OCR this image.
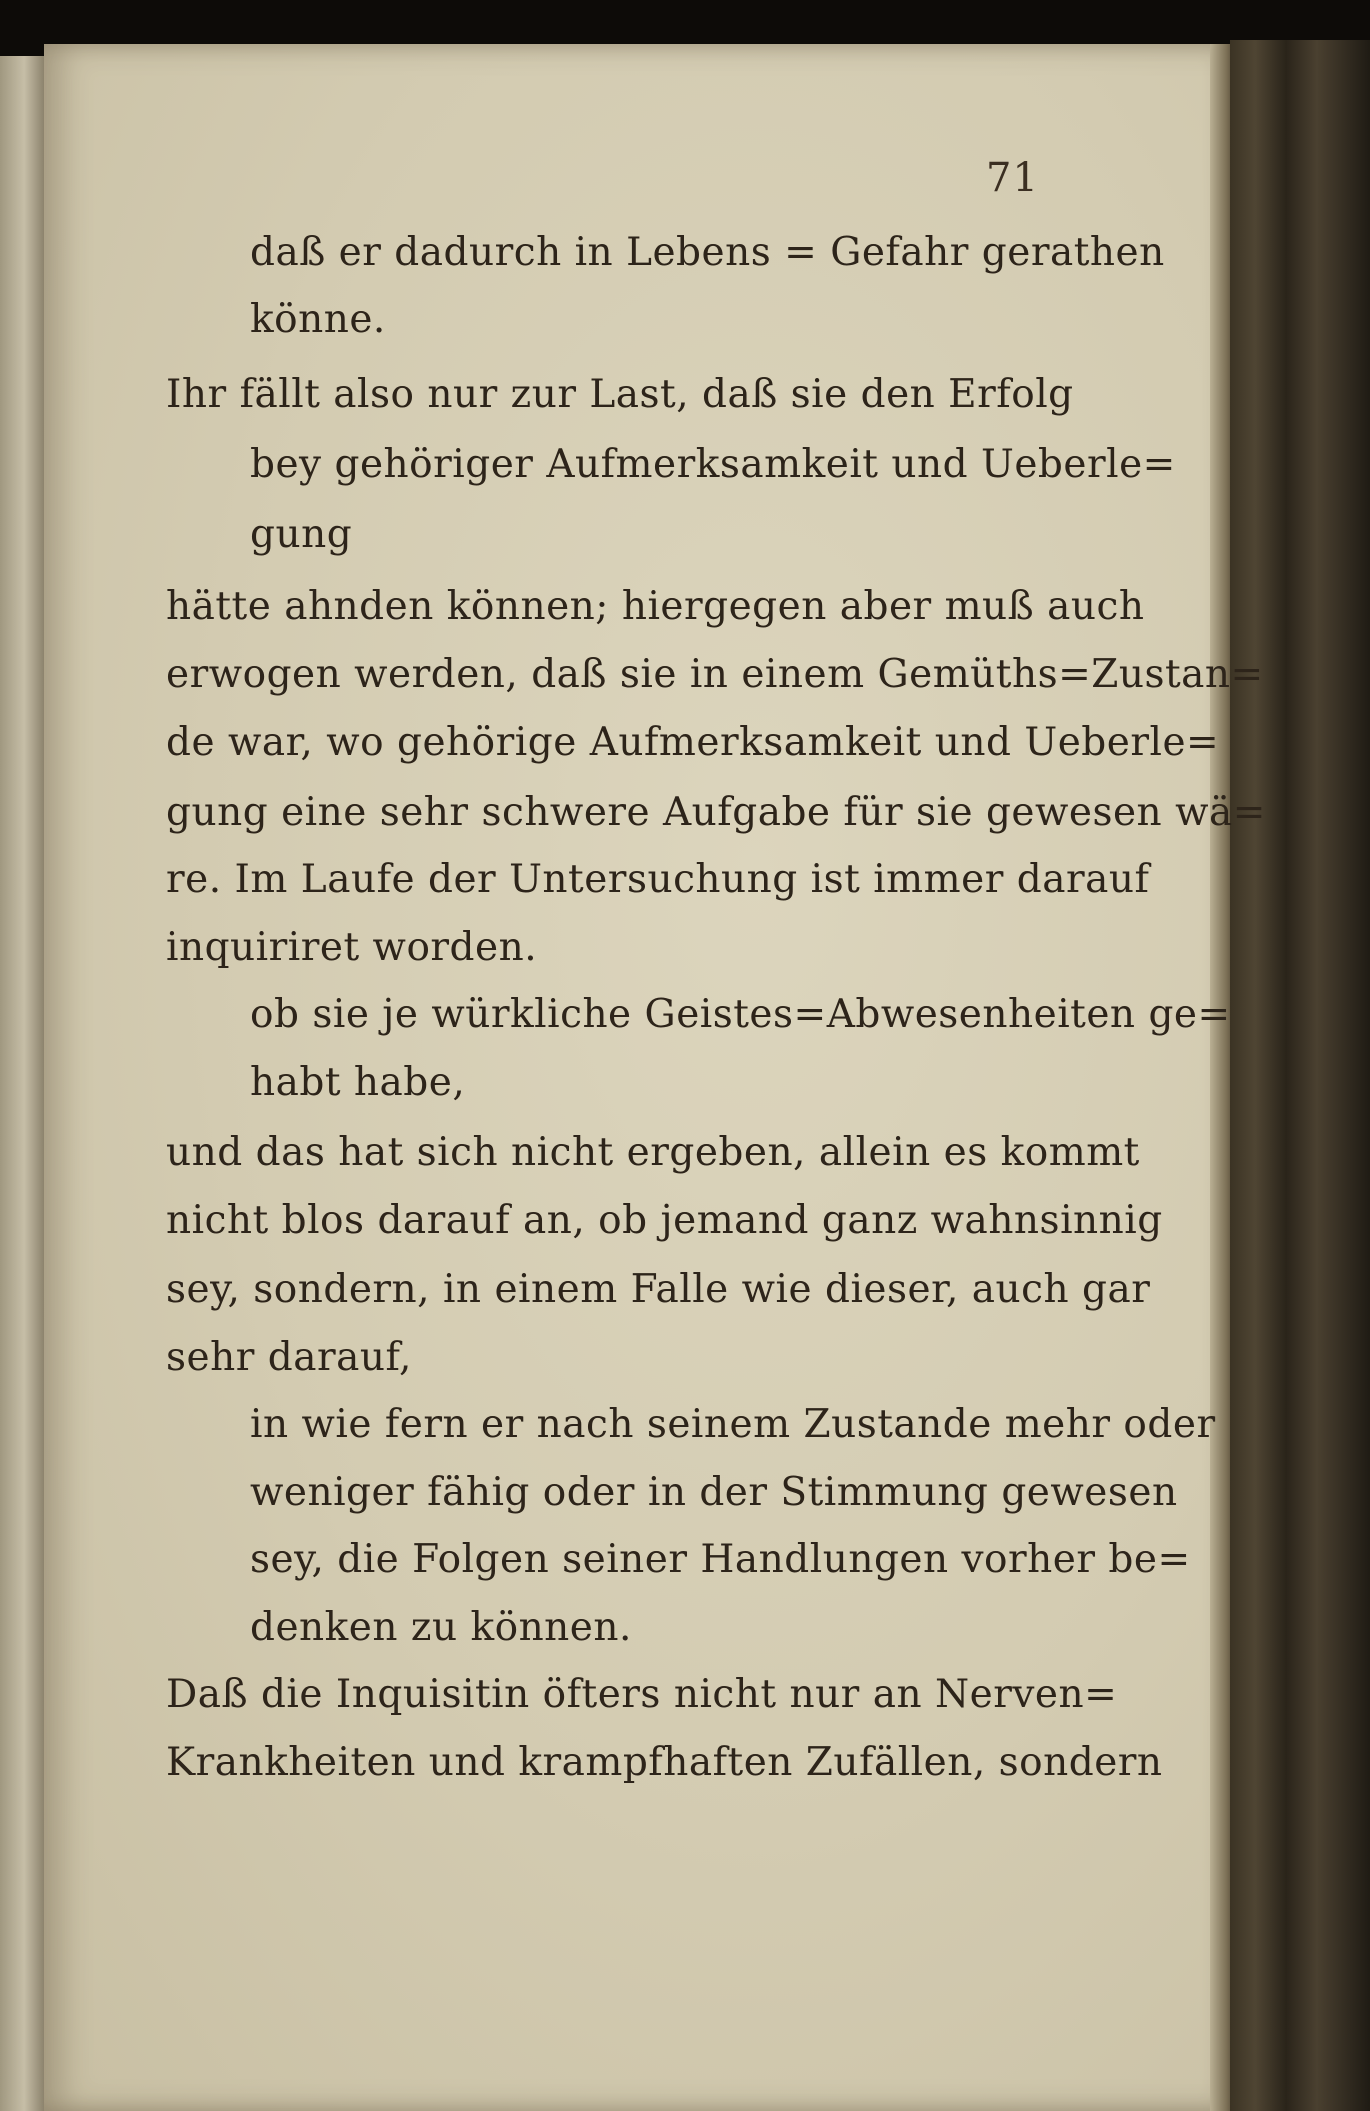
71
daß er dadurch in Lebens = Gefahr gerathen
könne.
Ihr fällt also nur zur Last, daß sie den Erfolg
bey gehöriger Aufmerksamkeit und Ueberle=
gung
hätte ahnden können; hiergegen aber muß auch
erwogen werden, daß sie in einem Gemüths=Zustan=
de war, wo gehörige Aufmerksamkeit und Ueberle=
gung eine sehr schwere Aufgabe für sie gewesen wä=
re. Im Laufe der Untersuchung ist immer darauf
inquiriret worden.
ob sie je würkliche Geistes=Abwesenheiten ge=
habt habe,
und das hat sich nicht ergeben, allein es kommt
nicht blos darauf an, ob jemand ganz wahnsinnig
sey, sondern, in einem Falle wie dieser, auch gar
sehr darauf,
in wie fern er nach seinem Zustande mehr oder
weniger fähig oder in der Stimmung gewesen
sey, die Folgen seiner Handlungen vorher be=
denken zu können.
Daß die Inquisitin öfters nicht nur an Nerven=
Krankheiten und krampfhaften Zufällen, sondern
